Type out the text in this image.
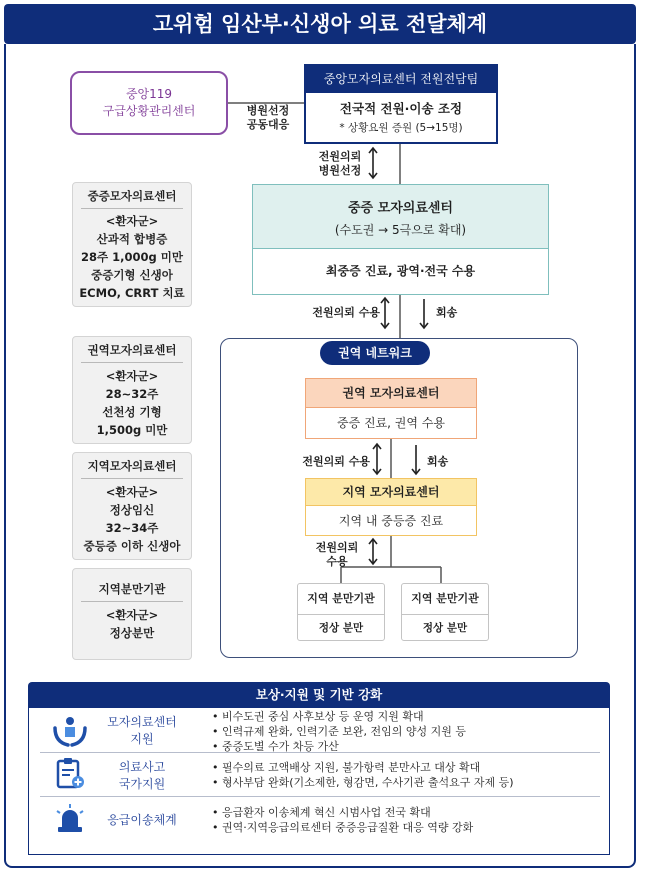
고위험 임산부·신생아 의료 전달체계
중앙119
구급상황관리센터	병원선정
공동대응
중앙모자의료센터 전원전담팀
전국적 전원·이송 조정
* 상황요원 증원 (5→15명)
전원의뢰
병원선정
중증 모자의료센터
(수도권 → 5극으로 확대)
최중증 진료, 광역·전국 수용
전원의뢰 수용	회송
권역 네트워크
권역 모자의료센터
중증 진료, 권역 수용
전원의뢰 수용	회송
지역 모자의료센터
지역 내 중등증 진료
전원의뢰
수용
지역 분만기관
정상 분만
지역 분만기관
정상 분만
중증모자의료센터
<환자군>
산과적 합병증
28주 1,000g 미만
중증기형 신생아
ECMO, CRRT 치료
권역모자의료센터
<환자군>
28~32주
선천성 기형
1,500g 미만
지역모자의료센터
<환자군>
정상임신
32~34주
중등증 이하 신생아
지역분만기관
<환자군>
정상분만
보상·지원 및 기반 강화
모자의료센터
지원
• 비수도권 중심 사후보상 등 운영 지원 확대
• 인력규제 완화, 인력기준 보완, 전임의 양성 지원 등
• 중증도별 수가 차등 가산
의료사고
국가지원
• 필수의료 고액배상 지원, 불가항력 분만사고 대상 확대
• 형사부담 완화(기소제한, 형감면, 수사기관 출석요구 자제 등)
응급이송체계
• 응급환자 이송체계 혁신 시범사업 전국 확대
• 권역·지역응급의료센터 중증응급질환 대응 역량 강화
